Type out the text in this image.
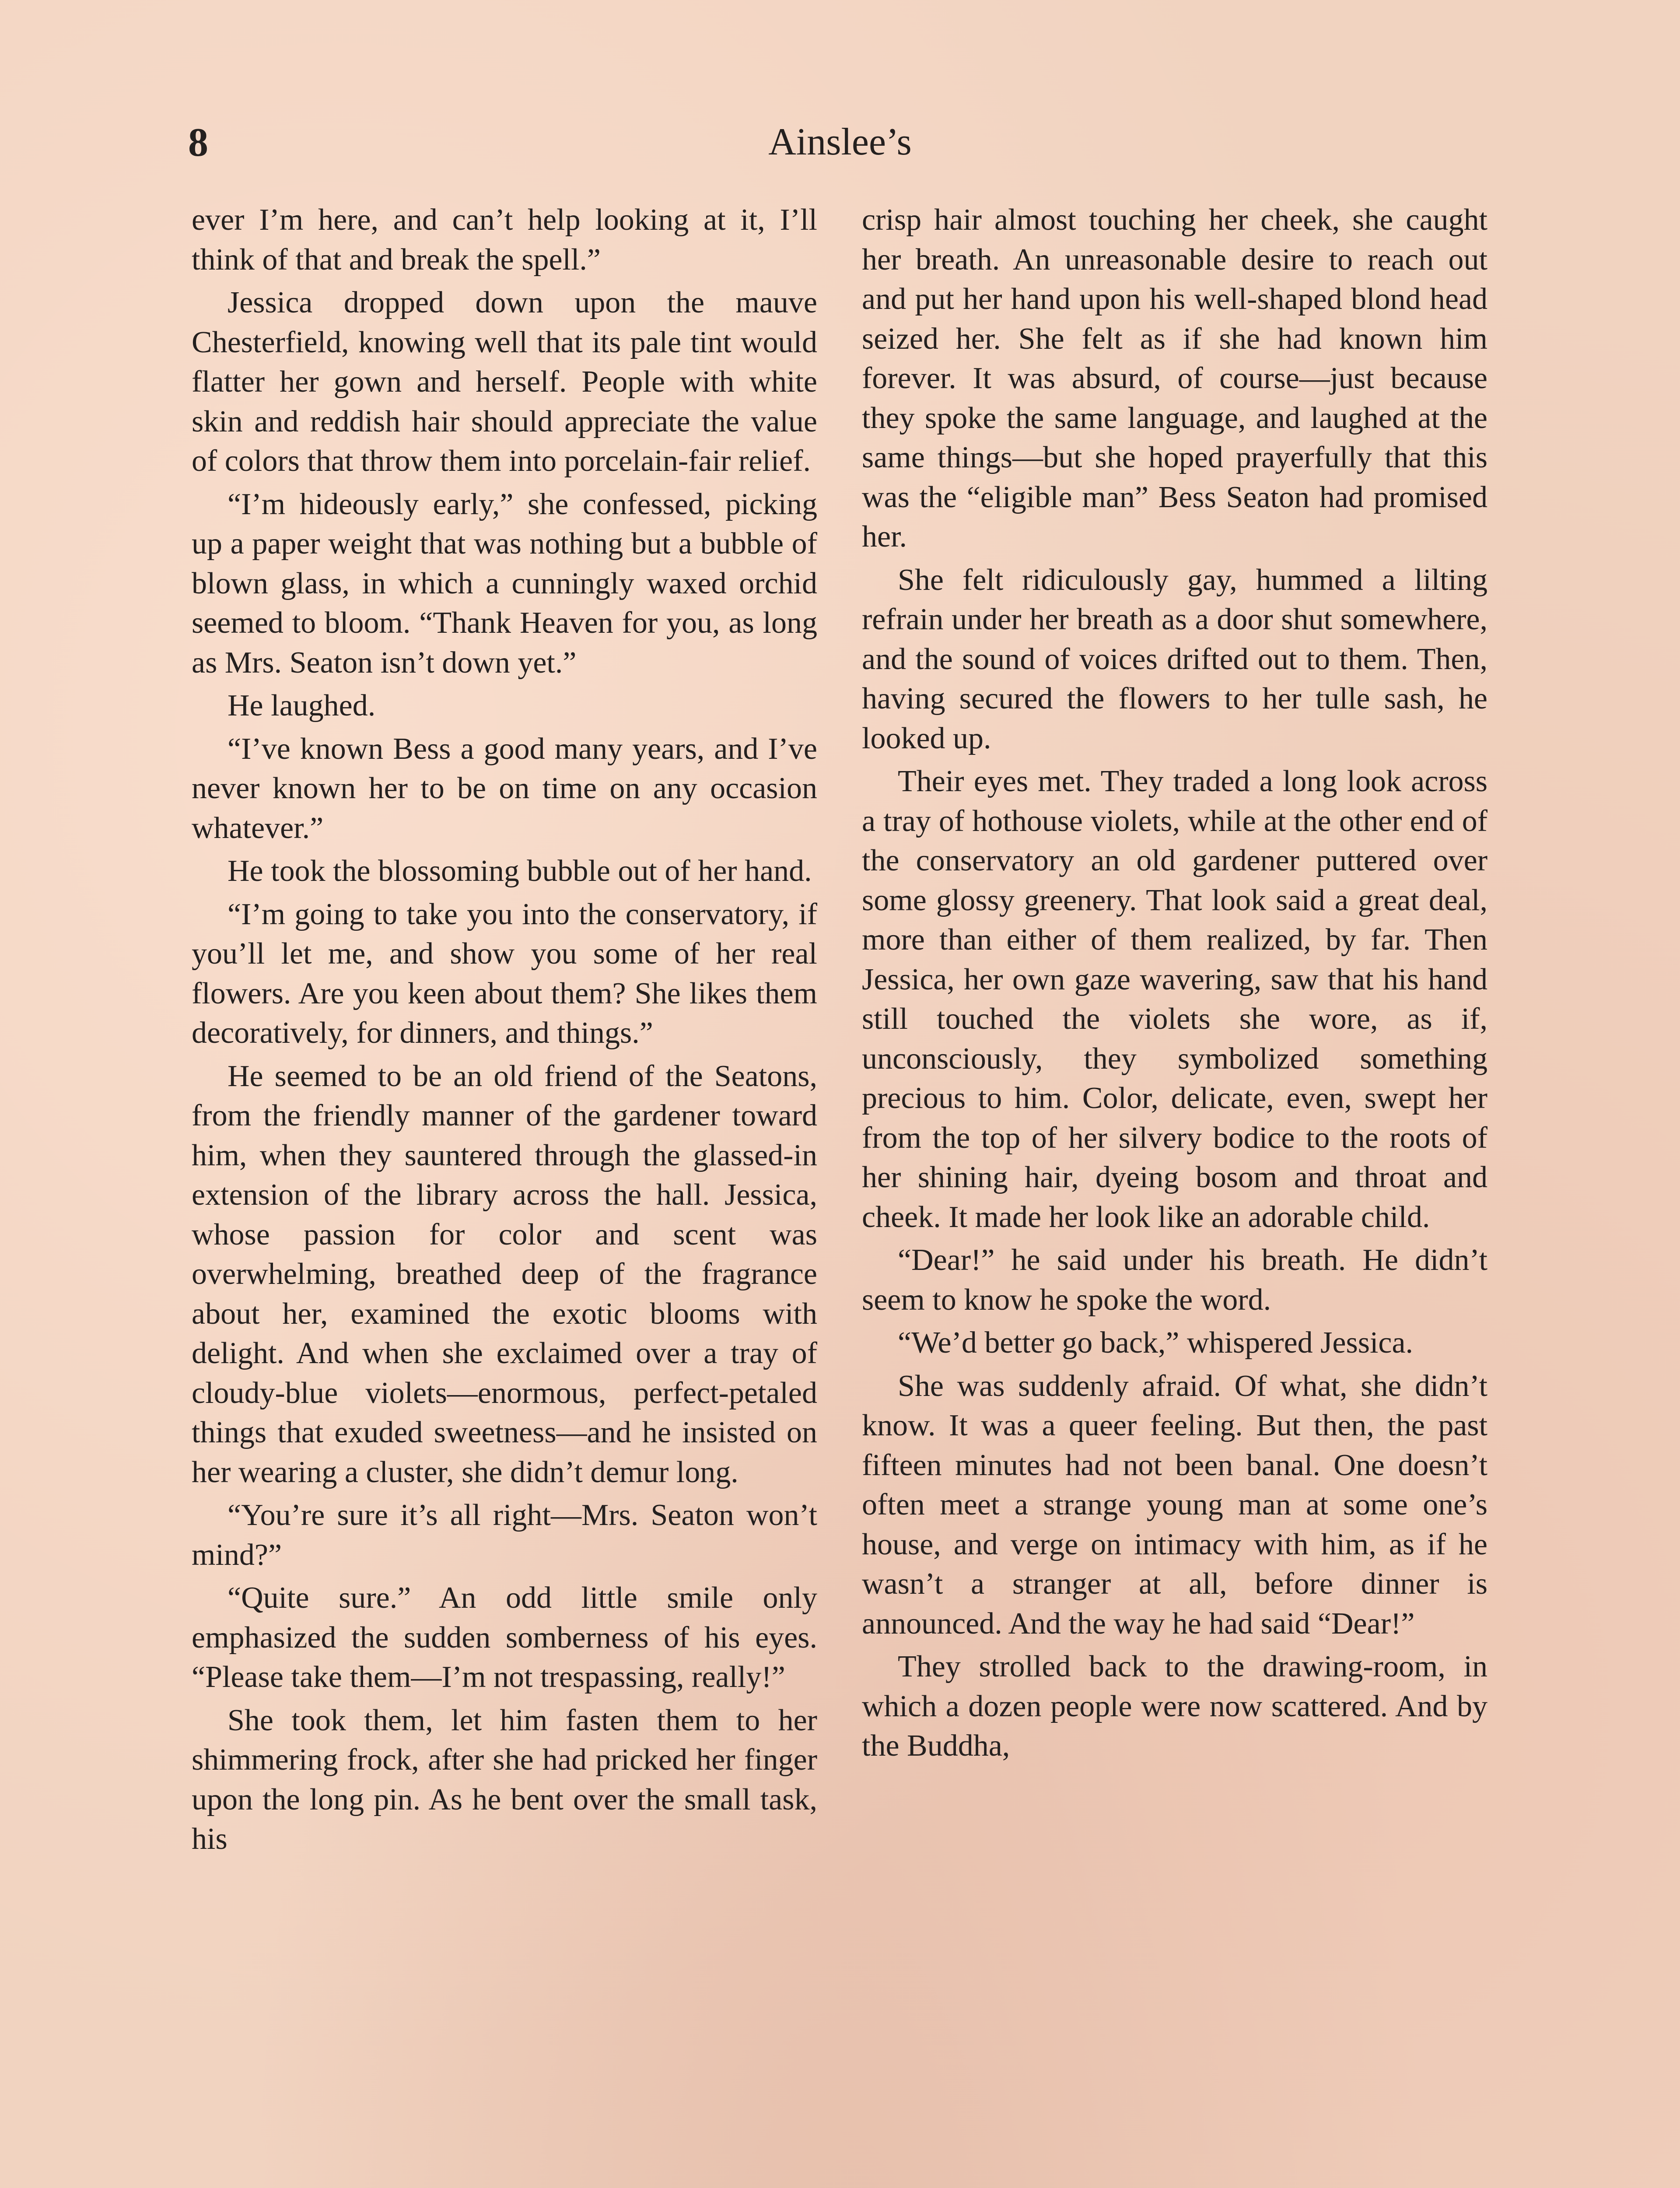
8	Ainslee’s

ever I’m here, and can’t help looking at it, I’ll think of that and break the spell.”

Jessica dropped down upon the mauve Chesterfield, knowing well that its pale tint would flatter her gown and herself. People with white skin and reddish hair should appreciate the value of colors that throw them into porcelain-fair relief.

“I’m hideously early,” she confessed, picking up a paper weight that was nothing but a bubble of blown glass, in which a cunningly waxed orchid seemed to bloom. “Thank Heaven for you, as long as Mrs. Seaton isn’t down yet.”

He laughed.

“I’ve known Bess a good many years, and I’ve never known her to be on time on any occasion whatever.”

He took the blossoming bubble out of her hand.

“I’m going to take you into the conservatory, if you’ll let me, and show you some of her real flowers. Are you keen about them? She likes them decoratively, for dinners, and things.”

He seemed to be an old friend of the Seatons, from the friendly manner of the gardener toward him, when they sauntered through the glassed-in extension of the library across the hall. Jessica, whose passion for color and scent was overwhelming, breathed deep of the fragrance about her, examined the exotic blooms with delight. And when she exclaimed over a tray of cloudy-blue violets—enormous, perfect-petaled things that exuded sweetness—and he insisted on her wearing a cluster, she didn’t demur long.

“You’re sure it’s all right—Mrs. Seaton won’t mind?”

“Quite sure.” An odd little smile only emphasized the sudden somberness of his eyes. “Please take them—I’m not trespassing, really!”

She took them, let him fasten them to her shimmering frock, after she had pricked her finger upon the long pin. As he bent over the small task, his

crisp hair almost touching her cheek, she caught her breath. An unreasonable desire to reach out and put her hand upon his well-shaped blond head seized her. She felt as if she had known him forever. It was absurd, of course—just because they spoke the same language, and laughed at the same things—but she hoped prayerfully that this was the “eligible man” Bess Seaton had promised her.

She felt ridiculously gay, hummed a lilting refrain under her breath as a door shut somewhere, and the sound of voices drifted out to them. Then, having secured the flowers to her tulle sash, he looked up.

Their eyes met. They traded a long look across a tray of hothouse violets, while at the other end of the conservatory an old gardener puttered over some glossy greenery. That look said a great deal, more than either of them realized, by far. Then Jessica, her own gaze wavering, saw that his hand still touched the violets she wore, as if, unconsciously, they symbolized something precious to him. Color, delicate, even, swept her from the top of her silvery bodice to the roots of her shining hair, dyeing bosom and throat and cheek. It made her look like an adorable child.

“Dear!” he said under his breath. He didn’t seem to know he spoke the word.

“We’d better go back,” whispered Jessica.

She was suddenly afraid. Of what, she didn’t know. It was a queer feeling. But then, the past fifteen minutes had not been banal. One doesn’t often meet a strange young man at some one’s house, and verge on intimacy with him, as if he wasn’t a stranger at all, before dinner is announced. And the way he had said “Dear!”

They strolled back to the drawing-room, in which a dozen people were now scattered. And by the Buddha,
